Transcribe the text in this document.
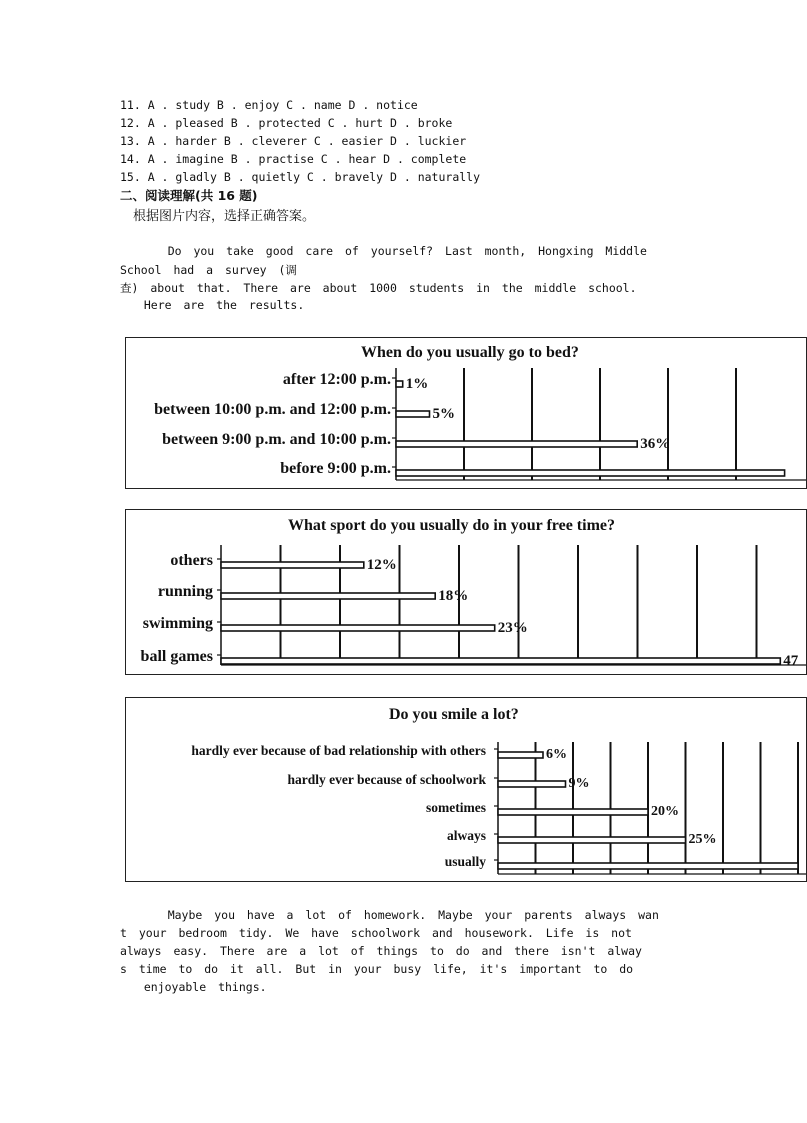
11. A . study B . enjoy C . name D . notice
12. A . pleased B . protected C . hurt D . broke
13. A . harder B . cleverer C . easier D . luckier
14. A . imagine B . practise C . hear D . complete
15. A . gladly B . quietly C . bravely D . naturally
二、阅读理解(共 16 题)
根据图片内容，选择正确答案。
Do you take good care of yourself? Last month, Hongxing Middle
School had a survey (调
查) about that. There are about 1000 students in the middle school.
Here are the results.
When do you usually go to bed?
1%
after 12:00 p.m.
5%
between 10:00 p.m. and 12:00 p.m.
36%
between 9:00 p.m. and 10:00 p.m.
before 9:00 p.m.
What sport do you usually do in your free time?
12%
others
18%
running
23%
swimming
47
ball games
Do you smile a lot?
6%
hardly ever because of bad relationship with others
9%
hardly ever because of schoolwork
20%
sometimes
25%
always
usually
Maybe you have a lot of homework. Maybe your parents always wan
t your bedroom tidy. We have schoolwork and housework. Life is not
always easy. There are a lot of things to do and there isn't alway
s time to do it all. But in your busy life, it's important to do
enjoyable things.
